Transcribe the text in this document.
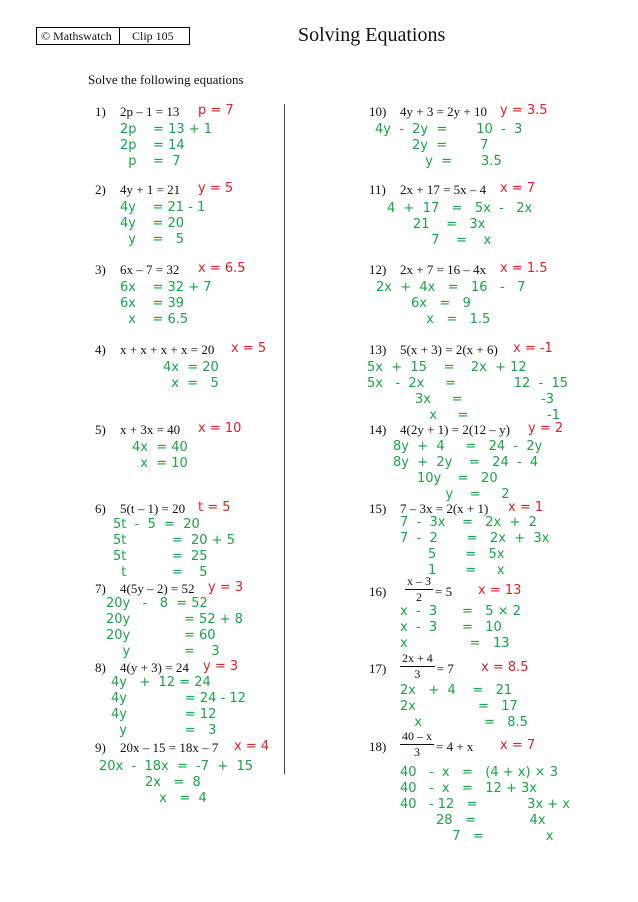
© Mathswatch Clip 105	Solving Equations
Solve the following equations
1) 2p – 1 = 13 p = 7
2p    = 13 + 1
2p    = 14
p    =  7
2) 4y + 1 = 21 y = 5
4y    = 21 - 1
4y    = 20
y    =   5
3) 6x – 7 = 32 x = 6.5
6x    = 32 + 7
6x    = 39
x    = 6.5
4) x + x + x + x = 20 x = 5
4x  = 20
x  =   5
5) x + 3x = 40 x = 10
4x  = 40
x  = 10
6) 5(t – 1) = 20 t = 5
5t  -  5  =  20
5t           =  20 + 5
5t           =  25
t           =    5
7) 4(5y – 2) = 52 y = 3
20y   -   8  = 52
20y             = 52 + 8
20y             = 60
y             =    3
8) 4(y + 3) = 24 y = 3
4y   +  12 = 24
4y              = 24 - 12
4y              = 12
y              =   3
9) 20x – 15 = 18x – 7 x = 4
20x  -  18x  =  -7  +  15
2x   =  8
x   =  4
10) 4y + 3 = 2y + 10 y = 3.5
4y  -  2y  =       10  -  3
2y  =        7
y  =       3.5
11) 2x + 17 = 5x – 4 x = 7
4  +  17   =   5x  -   2x
21    =   3x
7    =    x
12) 2x + 7 = 16 – 4x x = 1.5
2x  +  4x   =   16   -   7
6x   =   9
x   =   1.5
13) 5(x + 3) = 2(x + 6) x = -1
5x  +  15    =    2x  + 12
5x   -  2x     =              12  -  15
3x     =                   -3
x     =                   -1
14) 4(2y + 1) = 2(12 – y) y = 2
8y  +  4     =   24  -  2y
8y  +  2y    =   24  -  4
10y    =   20
y    =     2
15) 7 – 3x = 2(x + 1) x = 1
7  -  3x    =   2x  +  2
7  -  2       =   2x  +  3x
5       =   5x
1       =     x
$16) \frac{x - 3}{2} = 5$ x = 13
x  -  3      =   5 × 2
x  -  3      =   10
x               =   13
$17) \frac{2x + 4}{3} = 7$ x = 8.5
2x   +  4    =   21
2x               =   17
x               =   8.5
$18) \frac{40 - x}{3} = 4 + x$ x = 7
40   -  x   =   (4 + x) × 3
40   -  x   =   12 + 3x
40   - 12   =            3x + x
28   =             4x
7   =               x
